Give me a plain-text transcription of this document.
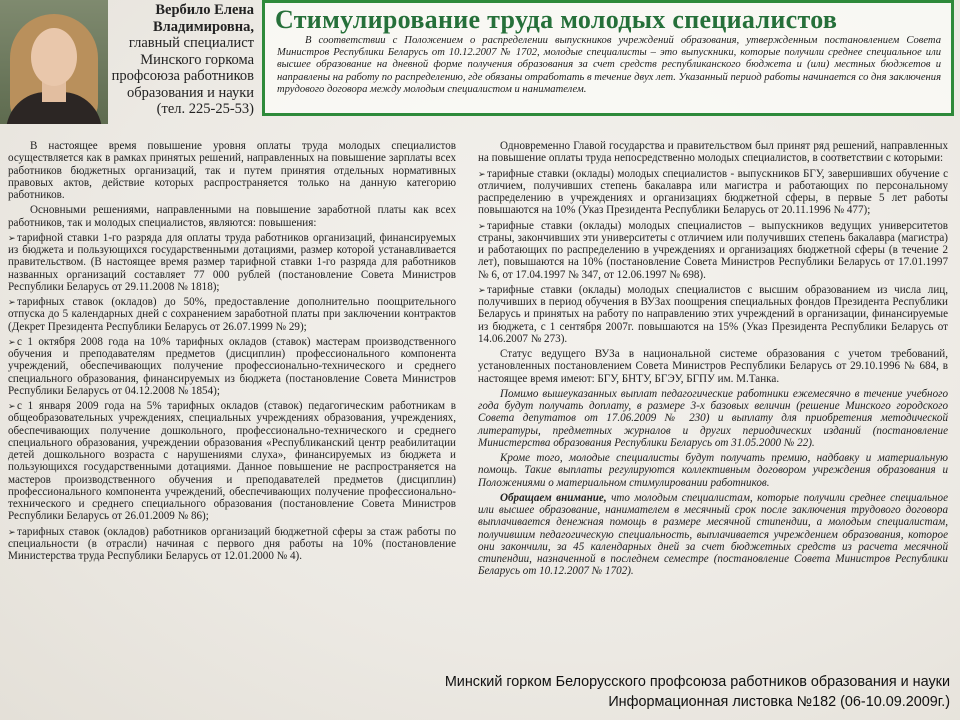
Вербило Елена Владимировна,
главный специалист Минского горкома профсоюза работников образования и науки
(тел. 225-25-53)
Стимулирование труда молодых специалистов

В соответствии с Положением о распределении выпускников учреждений образования, утвержденным постановлением Совета Министров Республики Беларусь от 10.12.2007 № 1702, молодые специалисты – это выпускники, которые получили среднее специальное или высшее образование на дневной форме получения образования за счет средств республиканского бюджета и (или) местных бюджетов и направлены на работу по распределению, где обязаны отработать в течение двух лет. Указанный период работы начинается со дня заключения трудового договора между молодым специалистом и нанимателем.

В настоящее время повышение уровня оплаты труда молодых специалистов осуществляется как в рамках принятых решений, направленных на повышение зарплаты всех работников бюджетных организаций, так и путем принятия отдельных нормативных правовых актов, действие которых распространяется только на данную категорию работников.

Основными решениями, направленными на повышение заработной платы как всех работников, так и молодых специалистов, являются: повышения:

➢тарифной ставки 1-го разряда для оплаты труда работников организаций, финансируемых из бюджета и пользующихся государственными дотациями, размер которой устанавливается правительством. (В настоящее время размер тарифной ставки 1-го разряда для работников названных организаций составляет 77 000 рублей (постановление Совета Министров Республики Беларусь от 29.11.2008 № 1818);

➢тарифных ставок (окладов) до 50%, предоставление дополнительно поощрительного отпуска до 5 календарных дней с сохранением заработной платы при заключении контрактов (Декрет Президента Республики Беларусь от 26.07.1999 № 29);

➢с 1 октября 2008 года на 10% тарифных окладов (ставок) мастерам производственного обучения и преподавателям предметов (дисциплин) профессионального компонента учреждений, обеспечивающих получение профессионально-технического и среднего специального образования, финансируемых из бюджета (постановление Совета Министров Республики Беларусь от 04.12.2008 № 1854);

➢с 1 января 2009 года на 5% тарифных окладов (ставок) педагогическим работникам в общеобразовательных учреждениях, специальных учреждениях образования, учреждениях, обеспечивающих получение дошкольного, профессионально-технического и среднего специального образования, учреждении образования «Республиканский центр реабилитации детей дошкольного возраста с нарушениями слуха», финансируемых из бюджета и пользующихся государственными дотациями. Данное повышение не распространяется на мастеров производственного обучения и преподавателей предметов (дисциплин) профессионального компонента учреждений, обеспечивающих получение профессионально-технического и среднего специального образования (постановление Совета Министров Республики Беларусь от 26.01.2009 № 86);

➢тарифных ставок (окладов) работников организаций бюджетной сферы за стаж работы по специальности (в отрасли) начиная с первого дня работы на 10% (постановление Министерства труда Республики Беларусь от 12.01.2000 № 4).

Одновременно Главой государства и правительством был принят ряд решений, направленных на повышение оплаты труда непосредственно молодых специалистов, в соответствии с которыми:

➢тарифные ставки (оклады) молодых специалистов - выпускников БГУ, завершивших обучение с отличием, получивших степень бакалавра или магистра и работающих по персональному распределению в учреждениях и организациях бюджетной сферы, в первые 5 лет работы повышаются на 10% (Указ Президента Республики Беларусь от 20.11.1996 № 477);

➢тарифные ставки (оклады) молодых специалистов – выпускников ведущих университетов страны, закончивших эти университеты с отличием или получивших степень бакалавра (магистра) и работающих по распределению в учреждениях и организациях бюджетной сферы (в течение 2 лет), повышаются на 10% (постановление Совета Министров Республики Беларусь от 17.01.1997 № 6, от 17.04.1997 № 347, от 12.06.1997 № 698).

➢тарифные ставки (оклады) молодых специалистов с высшим образованием из числа лиц, получивших в период обучения в ВУЗах поощрения специальных фондов Президента Республики Беларусь и принятых на работу по направлению этих учреждений в организации, финансируемые из бюджета, с 1 сентября 2007г. повышаются на 15% (Указ Президента Республики Беларусь от 14.06.2007 № 273).

Статус ведущего ВУЗа в национальной системе образования с учетом требований, установленных постановлением Совета Министров Республики Беларусь от 29.10.1996 № 684, в настоящее время имеют: БГУ, БНТУ, БГЭУ, БГПУ им. М.Танка.

Помимо вышеуказанных выплат педагогические работники ежемесячно в течение учебного года будут получать доплату, в размере 3-х базовых величин (решение Минского городского Совета депутатов от 17.06.2009 № 230) и выплату для приобретения методической литературы, предметных журналов и других периодических изданий (постановление Министерства образования Республики Беларусь от 31.05.2000 № 22).

Кроме того, молодые специалисты будут получать премию, надбавку и материальную помощь. Такие выплаты регулируются коллективным договором учреждения образования и Положениями о материальном стимулировании работников.

Обращаем внимание, что молодым специалистам, которые получили среднее специальное или высшее образование, нанимателем в месячный срок после заключения трудового договора выплачивается денежная помощь в размере месячной стипендии, а молодым специалистам, получившим педагогическую специальность, выплачивается учреждением образования, которое они закончили, за 45 календарных дней за счет бюджетных средств из расчета месячной стипендии, назначенной в последнем семестре (постановление Совета Министров Республики Беларусь от 10.12.2007 № 1702).

Минский горком Белорусского профсоюза работников образования и науки
Информационная листовка №182 (06-10.09.2009г.)
